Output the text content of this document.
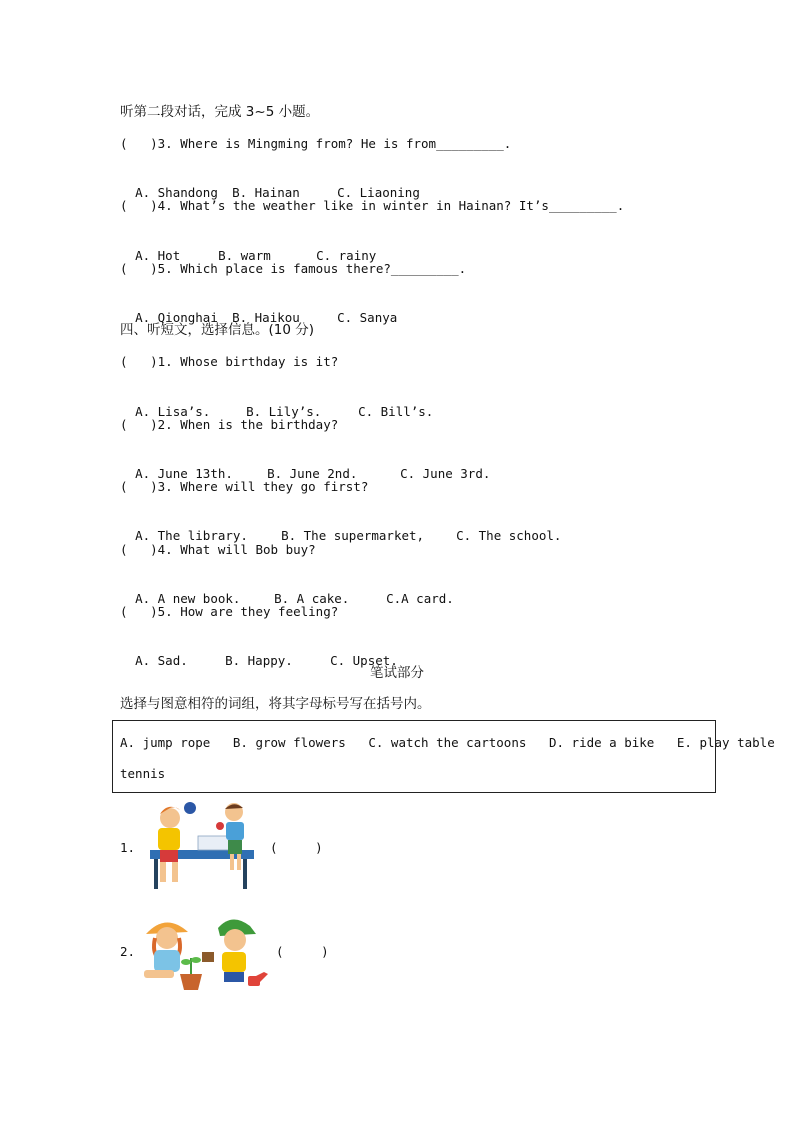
听第二段对话，完成 3~5 小题。
(   )3. Where is Mingming from? He is from_________.

A. Shandong B. Hainan	C. Liaoning

(   )4. What’s the weather like in winter in Hainan? It’s_________.

A. Hot	B. warm	C. rainy

(   )5. Which place is famous there?_________.

A. Qionghai B. Haikou	C. Sanya

四、听短文，选择信息。(10 分)
(   )1. Whose birthday is it?

A. Lisa’s.	B. Lily’s.	C. Bill’s.

(   )2. When is the birthday?

A. June 13th.	B. June 2nd.	C. June 3rd.

(   )3. Where will they go first?

A. The library.	B. The supermarket,	C. The school.

(   )4. What will Bob buy?

A. A new book.	B. A cake.	C.A card.

(   )5. How are they feeling?

A. Sad.	B. Happy.	C. Upset.

笔试部分
选择与图意相符的词组，将其字母标号写在括号内。
A. jump rope   B. grow flowers   C. watch the cartoons   D. ride a bike   E. play table
tennis
1.	(     )
2.	(     )
